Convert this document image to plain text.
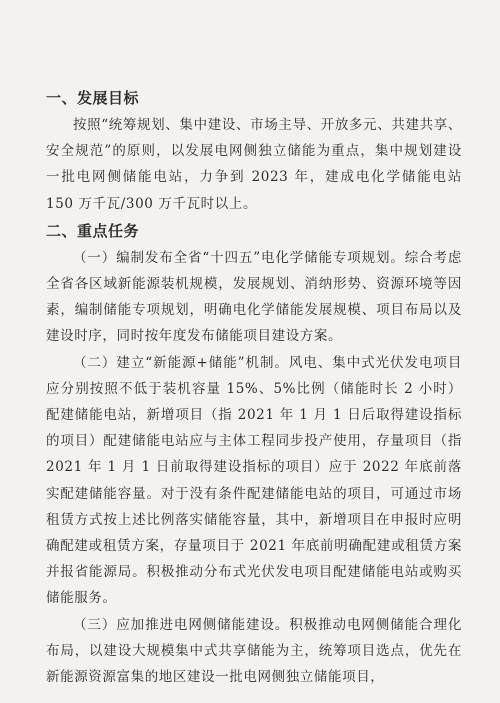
一、发展目标

按照“统筹规划、集中建设、市场主导、开放多元、共建共享、安全规范”的原则，以发展电网侧独立储能为重点，集中规划建设一批电网侧储能电站，力争到 2023 年，建成电化学储能电站 150 万千瓦/300 万千瓦时以上。

二、重点任务

（一）编制发布全省“十四五”电化学储能专项规划。综合考虑全省各区域新能源装机规模，发展规划、消纳形势、资源环境等因素，编制储能专项规划，明确电化学储能发展规模、项目布局以及建设时序，同时按年度发布储能项目建设方案。

（二）建立“新能源+储能”机制。风电、集中式光伏发电项目应分别按照不低于装机容量 15%、5%比例（储能时长 2 小时）配建储能电站，新增项目（指 2021 年 1 月 1 日后取得建设指标的项目）配建储能电站应与主体工程同步投产使用，存量项目（指 2021 年 1 月 1 日前取得建设指标的项目）应于 2022 年底前落实配建储能容量。对于没有条件配建储能电站的项目，可通过市场租赁方式按上述比例落实储能容量，其中，新增项目在申报时应明确配建或租赁方案，存量项目于 2021 年底前明确配建或租赁方案并报省能源局。积极推动分布式光伏发电项目配建储能电站或购买储能服务。

（三）应加推进电网侧储能建设。积极推动电网侧储能合理化布局，以建设大规模集中式共享储能为主，统筹项目选点，优先在新能源资源富集的地区建设一批电网侧独立储能项目，
